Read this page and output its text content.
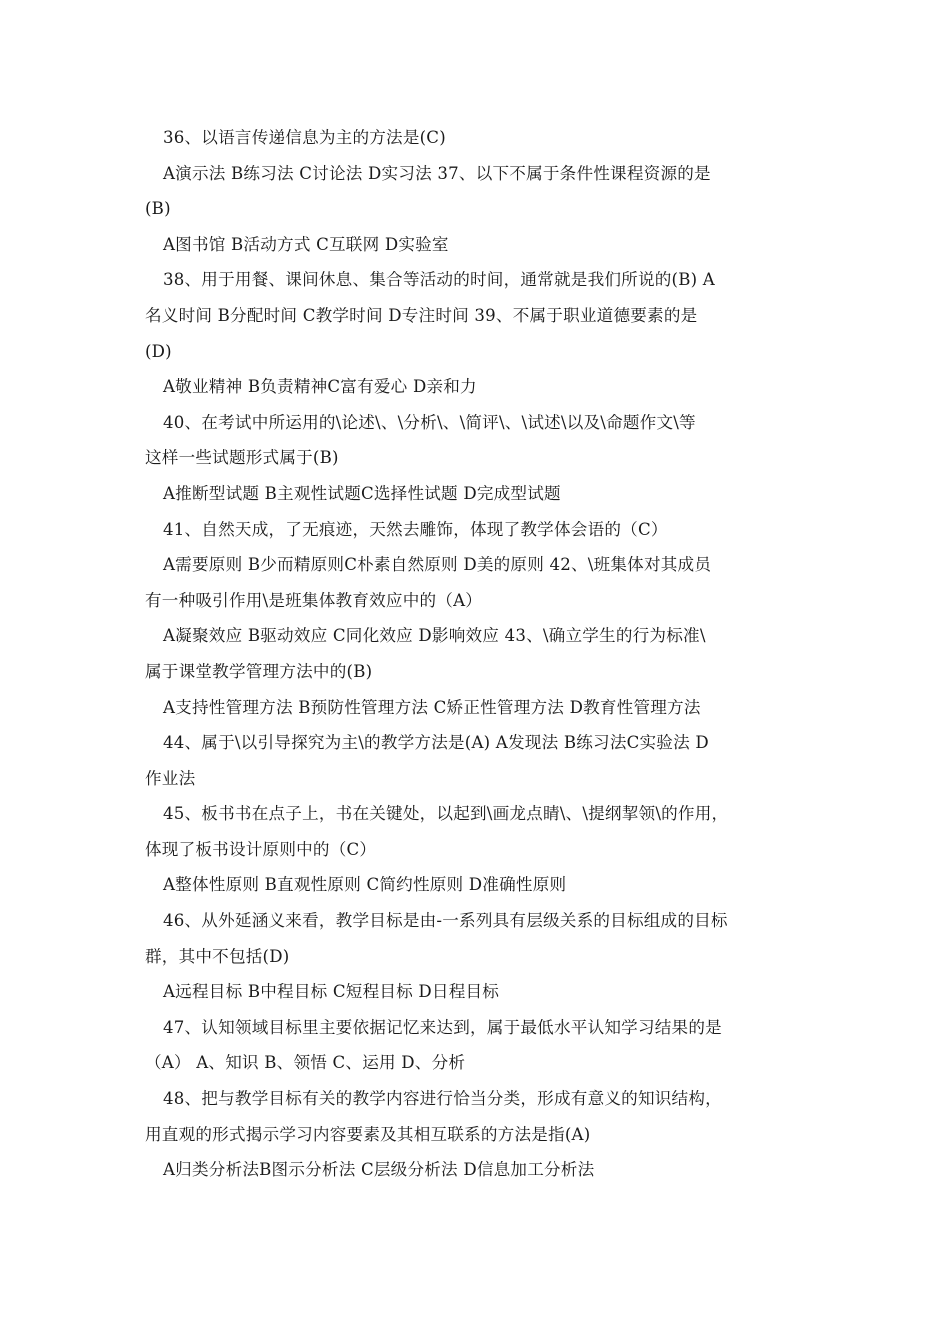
36、以语言传递信息为主的方法是(C)
A演示法 B练习法 C讨论法 D实习法 37、以下不属于条件性课程资源的是
(B)
A图书馆 B活动方式 C互联网 D实验室
38、用于用餐、课间休息、集合等活动的时间，通常就是我们所说的(B) A
名义时间 B分配时间 C教学时间 D专注时间 39、不属于职业道德要素的是
(D)
A敬业精神 B负责精神C富有爱心 D亲和力
40、在考试中所运用的\论述\、\分析\、\简评\、\试述\以及\命题作文\等
这样一些试题形式属于(B)
A推断型试题 B主观性试题C选择性试题 D完成型试题
41、自然天成，了无痕迹，天然去雕饰，体现了教学体会语的（C）
A需要原则 B少而精原则C朴素自然原则 D美的原则 42、\班集体对其成员
有一种吸引作用\是班集体教育效应中的（A）
A凝聚效应 B驱动效应 C同化效应 D影响效应 43、\确立学生的行为标准\
属于课堂教学管理方法中的(B)
A支持性管理方法 B预防性管理方法 C矫正性管理方法 D教育性管理方法
44、属于\以引导探究为主\的教学方法是(A) A发现法 B练习法C实验法 D
作业法
45、板书书在点子上，书在关键处，以起到\画龙点睛\、\提纲挈领\的作用，
体现了板书设计原则中的（C）
A整体性原则 B直观性原则 C简约性原则 D准确性原则
46、从外延涵义来看，教学目标是由-一系列具有层级关系的目标组成的目标
群，其中不包括(D)
A远程目标 B中程目标 C短程目标 D日程目标
47、认知领域目标里主要依据记忆来达到，属于最低水平认知学习结果的是
（A） A、知识 B、领悟 C、运用 D、分析
48、把与教学目标有关的教学内容进行恰当分类，形成有意义的知识结构，
用直观的形式揭示学习内容要素及其相互联系的方法是指(A)
A归类分析法B图示分析法 C层级分析法 D信息加工分析法
